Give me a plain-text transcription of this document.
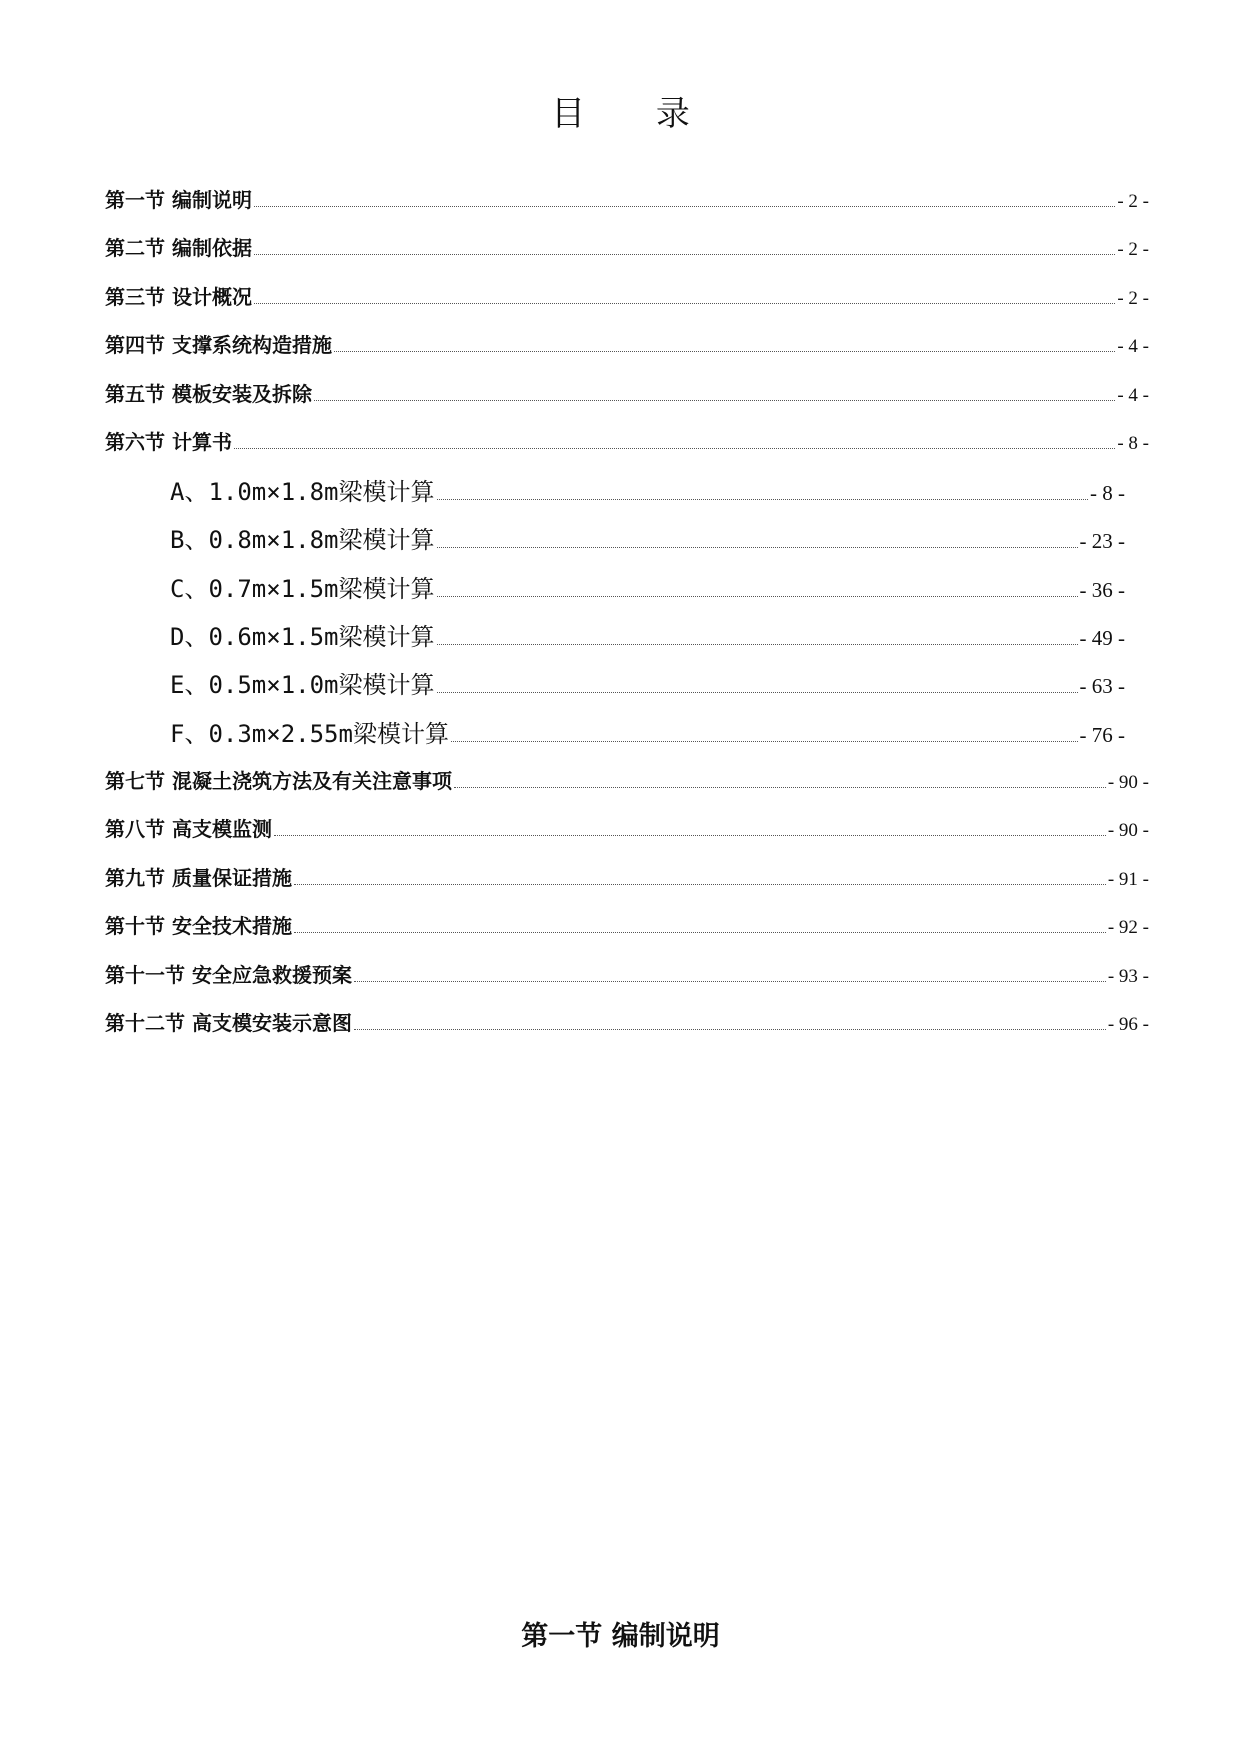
目 录
第一节 编制说明	- 2 -
第二节 编制依据	- 2 -
第三节 设计概况	- 2 -
第四节 支撑系统构造措施	- 4 -
第五节 模板安装及拆除	- 4 -
第六节 计算书	- 8 -
A、1.0m×1.8m梁模计算	- 8 -
B、0.8m×1.8m梁模计算	- 23 -
C、0.7m×1.5m梁模计算	- 36 -
D、0.6m×1.5m梁模计算	- 49 -
E、0.5m×1.0m梁模计算	- 63 -
F、0.3m×2.55m梁模计算	- 76 -
第七节 混凝土浇筑方法及有关注意事项	- 90 -
第八节 高支模监测	- 90 -
第九节 质量保证措施	- 91 -
第十节 安全技术措施	- 92 -
第十一节 安全应急救援预案	- 93 -
第十二节 高支模安装示意图	- 96 -
第一节 编制说明
